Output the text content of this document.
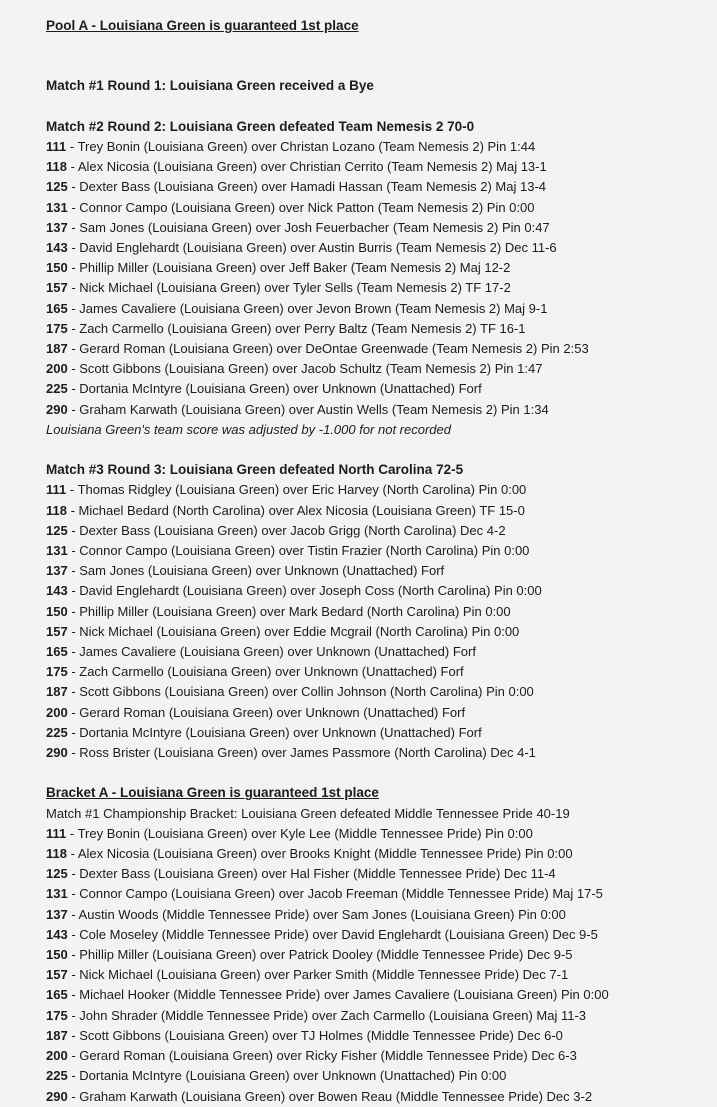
Pool A - Louisiana Green is guaranteed 1st place
Match #1 Round 1: Louisiana Green received a Bye
Match #2 Round 2: Louisiana Green defeated Team Nemesis 2 70-0
111 - Trey Bonin (Louisiana Green) over Christan Lozano (Team Nemesis 2) Pin 1:44
118 - Alex Nicosia (Louisiana Green) over Christian Cerrito (Team Nemesis 2) Maj 13-1
125 - Dexter Bass (Louisiana Green) over Hamadi Hassan (Team Nemesis 2) Maj 13-4
131 - Connor Campo (Louisiana Green) over Nick Patton (Team Nemesis 2) Pin 0:00
137 - Sam Jones (Louisiana Green) over Josh Feuerbacher (Team Nemesis 2) Pin 0:47
143 - David Englehardt (Louisiana Green) over Austin Burris (Team Nemesis 2) Dec 11-6
150 - Phillip Miller (Louisiana Green) over Jeff Baker (Team Nemesis 2) Maj 12-2
157 - Nick Michael (Louisiana Green) over Tyler Sells (Team Nemesis 2) TF 17-2
165 - James Cavaliere (Louisiana Green) over Jevon Brown (Team Nemesis 2) Maj 9-1
175 - Zach Carmello (Louisiana Green) over Perry Baltz (Team Nemesis 2) TF 16-1
187 - Gerard Roman (Louisiana Green) over DeOntae Greenwade (Team Nemesis 2) Pin 2:53
200 - Scott Gibbons (Louisiana Green) over Jacob Schultz (Team Nemesis 2) Pin 1:47
225 - Dortania McIntyre (Louisiana Green) over Unknown (Unattached) Forf
290 - Graham Karwath (Louisiana Green) over Austin Wells (Team Nemesis 2) Pin 1:34
Louisiana Green's team score was adjusted by -1.000 for not recorded
Match #3 Round 3: Louisiana Green defeated North Carolina 72-5
111 - Thomas Ridgley (Louisiana Green) over Eric Harvey (North Carolina) Pin 0:00
118 - Michael Bedard (North Carolina) over Alex Nicosia (Louisiana Green) TF 15-0
125 - Dexter Bass (Louisiana Green) over Jacob Grigg (North Carolina) Dec 4-2
131 - Connor Campo (Louisiana Green) over Tistin Frazier (North Carolina) Pin 0:00
137 - Sam Jones (Louisiana Green) over Unknown (Unattached) Forf
143 - David Englehardt (Louisiana Green) over Joseph Coss (North Carolina) Pin 0:00
150 - Phillip Miller (Louisiana Green) over Mark Bedard (North Carolina) Pin 0:00
157 - Nick Michael (Louisiana Green) over Eddie Mcgrail (North Carolina) Pin 0:00
165 - James Cavaliere (Louisiana Green) over Unknown (Unattached) Forf
175 - Zach Carmello (Louisiana Green) over Unknown (Unattached) Forf
187 - Scott Gibbons (Louisiana Green) over Collin Johnson (North Carolina) Pin 0:00
200 - Gerard Roman (Louisiana Green) over Unknown (Unattached) Forf
225 - Dortania McIntyre (Louisiana Green) over Unknown (Unattached) Forf
290 - Ross Brister (Louisiana Green) over James Passmore (North Carolina) Dec 4-1
Bracket A - Louisiana Green is guaranteed 1st place
Match #1 Championship Bracket: Louisiana Green defeated Middle Tennessee Pride 40-19
111 - Trey Bonin (Louisiana Green) over Kyle Lee (Middle Tennessee Pride) Pin 0:00
118 - Alex Nicosia (Louisiana Green) over Brooks Knight (Middle Tennessee Pride) Pin 0:00
125 - Dexter Bass (Louisiana Green) over Hal Fisher (Middle Tennessee Pride) Dec 11-4
131 - Connor Campo (Louisiana Green) over Jacob Freeman (Middle Tennessee Pride) Maj 17-5
137 - Austin Woods (Middle Tennessee Pride) over Sam Jones (Louisiana Green) Pin 0:00
143 - Cole Moseley (Middle Tennessee Pride) over David Englehardt (Louisiana Green) Dec 9-5
150 - Phillip Miller (Louisiana Green) over Patrick Dooley (Middle Tennessee Pride) Dec 9-5
157 - Nick Michael (Louisiana Green) over Parker Smith (Middle Tennessee Pride) Dec 7-1
165 - Michael Hooker (Middle Tennessee Pride) over James Cavaliere (Louisiana Green) Pin 0:00
175 - John Shrader (Middle Tennessee Pride) over Zach Carmello (Louisiana Green) Maj 11-3
187 - Scott Gibbons (Louisiana Green) over TJ Holmes (Middle Tennessee Pride) Dec 6-0
200 - Gerard Roman (Louisiana Green) over Ricky Fisher (Middle Tennessee Pride) Dec 6-3
225 - Dortania McIntyre (Louisiana Green) over Unknown (Unattached) Pin 0:00
290 - Graham Karwath (Louisiana Green) over Bowen Reau (Middle Tennessee Pride) Dec 3-2
